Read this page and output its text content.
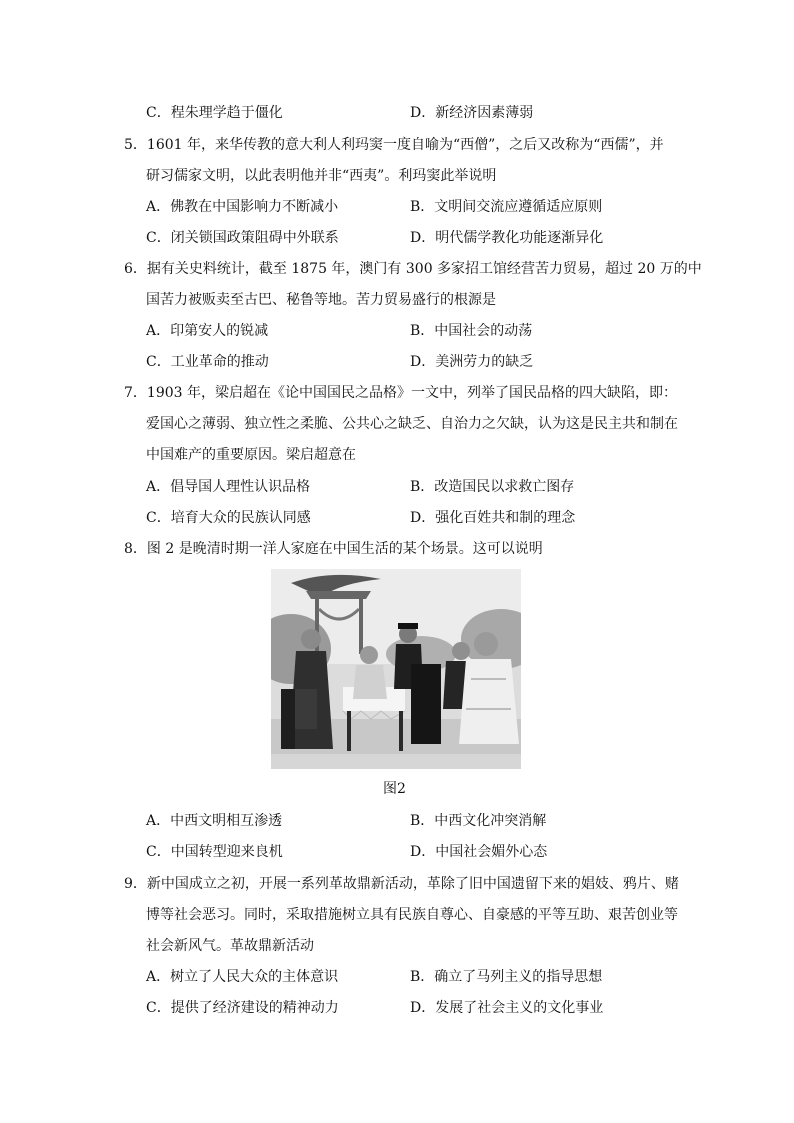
C．程朱理学趋于僵化	D．新经济因素薄弱
5．1601 年，来华传教的意大利人利玛窦一度自喻为“西僧”，之后又改称为“西儒”，并
研习儒家文明，以此表明他并非“西夷”。利玛窦此举说明
A．佛教在中国影响力不断减小	B．文明间交流应遵循适应原则
C．闭关锁国政策阻碍中外联系	D．明代儒学教化功能逐渐异化
6．据有关史料统计，截至 1875 年，澳门有 300 多家招工馆经营苦力贸易，超过 20 万的中
国苦力被贩卖至古巴、秘鲁等地。苦力贸易盛行的根源是
A．印第安人的锐减	B．中国社会的动荡
C．工业革命的推动	D．美洲劳力的缺乏
7．1903 年，梁启超在《论中国国民之品格》一文中，列举了国民品格的四大缺陷，即：
爱国心之薄弱、独立性之柔脆、公共心之缺乏、自治力之欠缺，认为这是民主共和制在
中国难产的重要原因。梁启超意在
A．倡导国人理性认识品格	B．改造国民以求救亡图存
C．培育大众的民族认同感	D．强化百姓共和制的理念
8．图 2 是晚清时期一洋人家庭在中国生活的某个场景。这可以说明
图2
A．中西文明相互渗透	B．中西文化冲突消解
C．中国转型迎来良机	D．中国社会媚外心态
9．新中国成立之初，开展一系列革故鼎新活动，革除了旧中国遗留下来的娼妓、鸦片、赌
博等社会恶习。同时，采取措施树立具有民族自尊心、自豪感的平等互助、艰苦创业等
社会新风气。革故鼎新活动
A．树立了人民大众的主体意识	B．确立了马列主义的指导思想
C．提供了经济建设的精神动力	D．发展了社会主义的文化事业
